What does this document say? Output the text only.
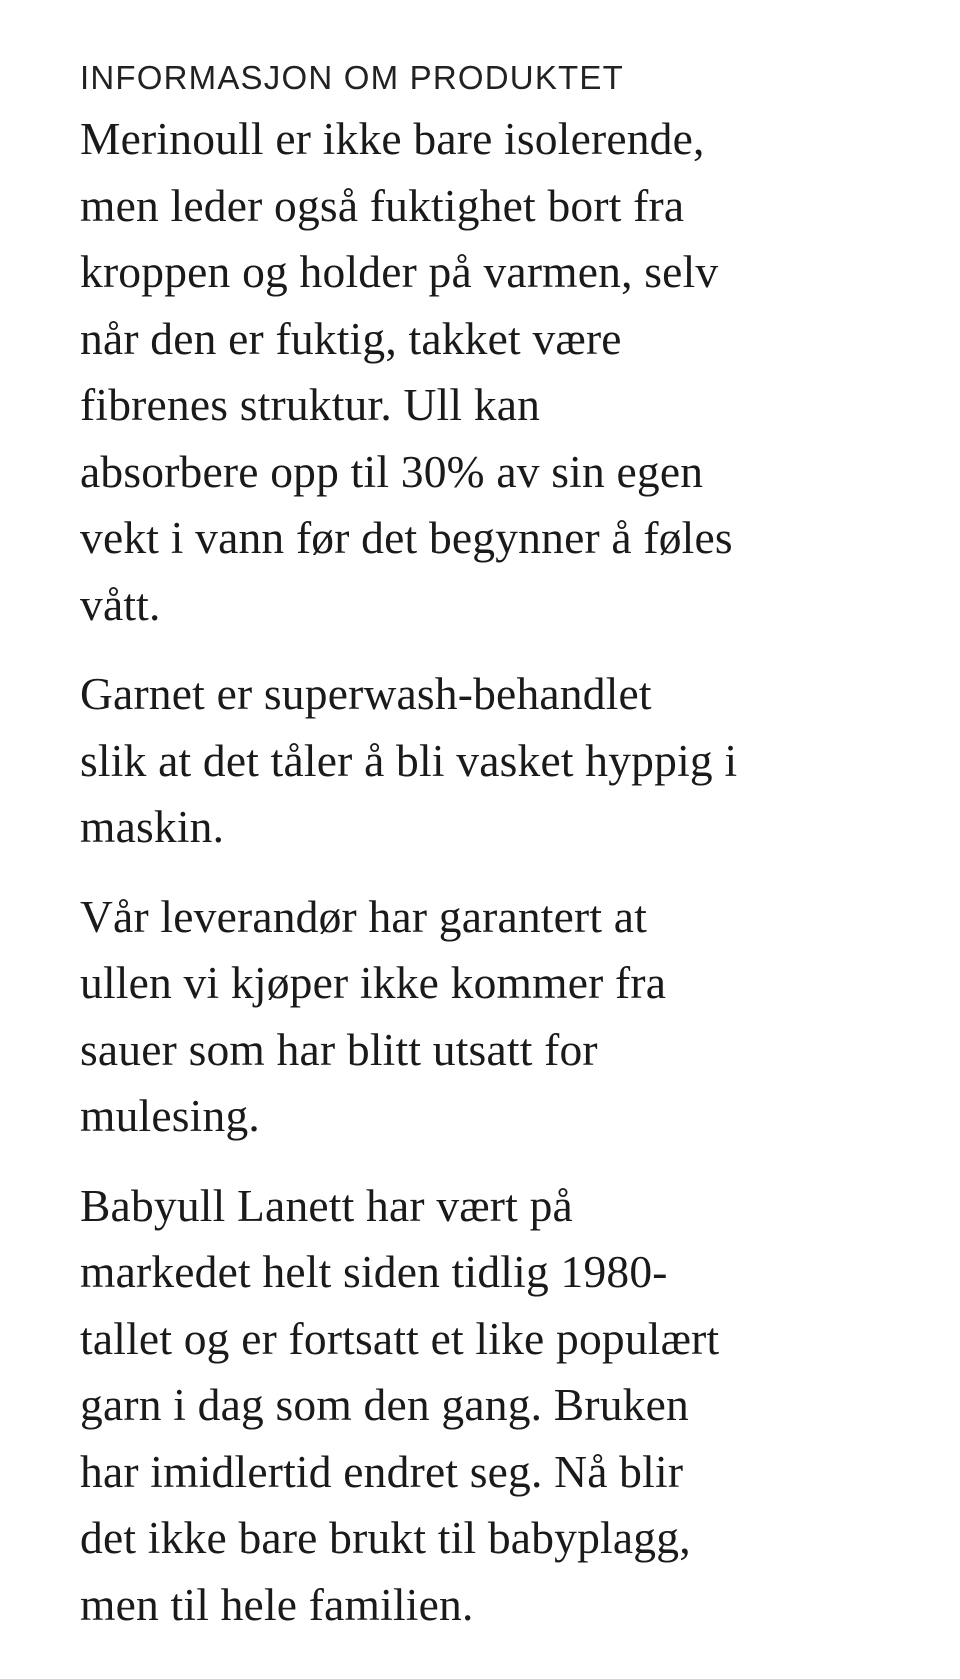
INFORMASJON OM PRODUKTET

Merinoull er ikke bare isolerende,
men leder også fuktighet bort fra
kroppen og holder på varmen, selv
når den er fuktig, takket være
fibrenes struktur. Ull kan
absorbere opp til 30% av sin egen
vekt i vann før det begynner å føles
vått.

Garnet er superwash-behandlet
slik at det tåler å bli vasket hyppig i
maskin.

Vår leverandør har garantert at
ullen vi kjøper ikke kommer fra
sauer som har blitt utsatt for
mulesing.

Babyull Lanett har vært på
markedet helt siden tidlig 1980-
tallet og er fortsatt et like populært
garn i dag som den gang. Bruken
har imidlertid endret seg. Nå blir
det ikke bare brukt til babyplagg,
men til hele familien.
